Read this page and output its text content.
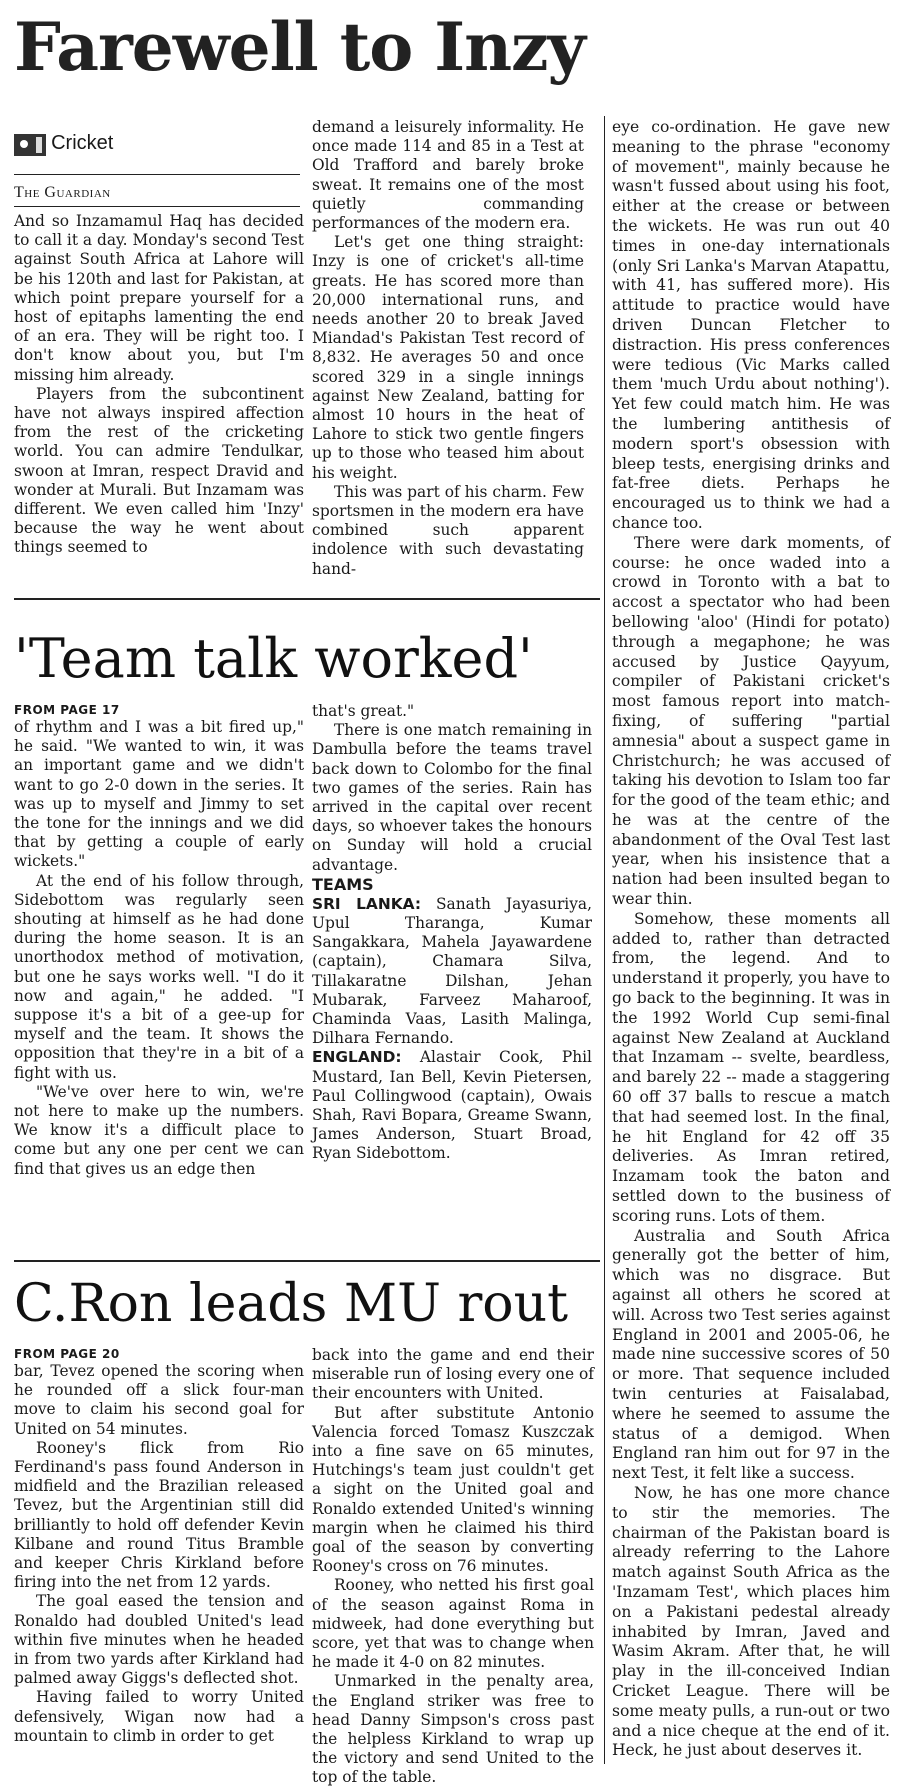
Farewell to Inzy
Cricket
The Guardian

And so Inzamamul Haq has decided to call it a day. Monday's second Test against South Africa at Lahore will be his 120th and last for Pakistan, at which point prepare yourself for a host of epitaphs lamenting the end of an era. They will be right too. I don't know about you, but I'm missing him already.

Players from the subcontinent have not always inspired affection from the rest of the cricketing world. You can admire Tendulkar, swoon at Imran, respect Dravid and wonder at Murali. But Inzamam was different. We even called him 'Inzy' because the way he went about things seemed to

demand a leisurely informality. He once made 114 and 85 in a Test at Old Trafford and barely broke sweat. It remains one of the most quietly commanding performances of the modern era.

Let's get one thing straight: Inzy is one of cricket's all-time greats. He has scored more than 20,000 international runs, and needs another 20 to break Javed Miandad's Pakistan Test record of 8,832. He averages 50 and once scored 329 in a single innings against New Zealand, batting for almost 10 hours in the heat of Lahore to stick two gentle fingers up to those who teased him about his weight.

This was part of his charm. Few sportsmen in the modern era have combined such apparent indolence with such devastating hand-

eye co-ordination. He gave new meaning to the phrase "economy of movement", mainly because he wasn't fussed about using his foot, either at the crease or between the wickets. He was run out 40 times in one-day internationals (only Sri Lanka's Marvan Atapattu, with 41, has suffered more). His attitude to practice would have driven Duncan Fletcher to distraction. His press conferences were tedious (Vic Marks called them 'much Urdu about nothing'). Yet few could match him. He was the lumbering antithesis of modern sport's obsession with bleep tests, energising drinks and fat-free diets. Perhaps he encouraged us to think we had a chance too.

There were dark moments, of course: he once waded into a crowd in Toronto with a bat to accost a spectator who had been bellowing 'aloo' (Hindi for potato) through a megaphone; he was accused by Justice Qayyum, compiler of Pakistani cricket's most famous report into match-fixing, of suffering "partial amnesia" about a suspect game in Christchurch; he was accused of taking his devotion to Islam too far for the good of the team ethic; and he was at the centre of the abandonment of the Oval Test last year, when his insistence that a nation had been insulted began to wear thin.

Somehow, these moments all added to, rather than detracted from, the legend. And to understand it properly, you have to go back to the beginning. It was in the 1992 World Cup semi-final against New Zealand at Auckland that Inzamam -- svelte, beardless, and barely 22 -- made a staggering 60 off 37 balls to rescue a match that had seemed lost. In the final, he hit England for 42 off 35 deliveries. As Imran retired, Inzamam took the baton and settled down to the business of scoring runs. Lots of them.

Australia and South Africa generally got the better of him, which was no disgrace. But against all others he scored at will. Across two Test series against England in 2001 and 2005-06, he made nine successive scores of 50 or more. That sequence included twin centuries at Faisalabad, where he seemed to assume the status of a demigod. When England ran him out for 97 in the next Test, it felt like a success.

Now, he has one more chance to stir the memories. The chairman of the Pakistan board is already referring to the Lahore match against South Africa as the 'Inzamam Test', which places him on a Pakistani pedestal already inhabited by Imran, Javed and Wasim Akram. After that, he will play in the ill-conceived Indian Cricket League. There will be some meaty pulls, a run-out or two and a nice cheque at the end of it. Heck, he just about deserves it.

'Team talk worked'
FROM PAGE 17

of rhythm and I was a bit fired up," he said. "We wanted to win, it was an important game and we didn't want to go 2-0 down in the series. It was up to myself and Jimmy to set the tone for the innings and we did that by getting a couple of early wickets."

At the end of his follow through, Sidebottom was regularly seen shouting at himself as he had done during the home season. It is an unorthodox method of motivation, but one he says works well. "I do it now and again," he added. "I suppose it's a bit of a gee-up for myself and the team. It shows the opposition that they're in a bit of a fight with us.

"We've over here to win, we're not here to make up the numbers. We know it's a difficult place to come but any one per cent we can find that gives us an edge then

that's great."

There is one match remaining in Dambulla before the teams travel back down to Colombo for the final two games of the series. Rain has arrived in the capital over recent days, so whoever takes the honours on Sunday will hold a crucial advantage.

TEAMS

SRI LANKA: Sanath Jayasuriya, Upul Tharanga, Kumar Sangakkara, Mahela Jayawardene (captain), Chamara Silva, Tillakaratne Dilshan, Jehan Mubarak, Farveez Maharoof, Chaminda Vaas, Lasith Malinga, Dilhara Fernando.

ENGLAND: Alastair Cook, Phil Mustard, Ian Bell, Kevin Pietersen, Paul Collingwood (captain), Owais Shah, Ravi Bopara, Greame Swann, James Anderson, Stuart Broad, Ryan Sidebottom.

C.Ron leads MU rout
FROM PAGE 20

bar, Tevez opened the scoring when he rounded off a slick four-man move to claim his second goal for United on 54 minutes.

Rooney's flick from Rio Ferdinand's pass found Anderson in midfield and the Brazilian released Tevez, but the Argentinian still did brilliantly to hold off defender Kevin Kilbane and round Titus Bramble and keeper Chris Kirkland before firing into the net from 12 yards.

The goal eased the tension and Ronaldo had doubled United's lead within five minutes when he headed in from two yards after Kirkland had palmed away Giggs's deflected shot.

Having failed to worry United defensively, Wigan now had a mountain to climb in order to get

back into the game and end their miserable run of losing every one of their encounters with United.

But after substitute Antonio Valencia forced Tomasz Kuszczak into a fine save on 65 minutes, Hutchings's team just couldn't get a sight on the United goal and Ronaldo extended United's winning margin when he claimed his third goal of the season by converting Rooney's cross on 76 minutes.

Rooney, who netted his first goal of the season against Roma in midweek, had done everything but score, yet that was to change when he made it 4-0 on 82 minutes.

Unmarked in the penalty area, the England striker was free to head Danny Simpson's cross past the helpless Kirkland to wrap up the victory and send United to the top of the table.
